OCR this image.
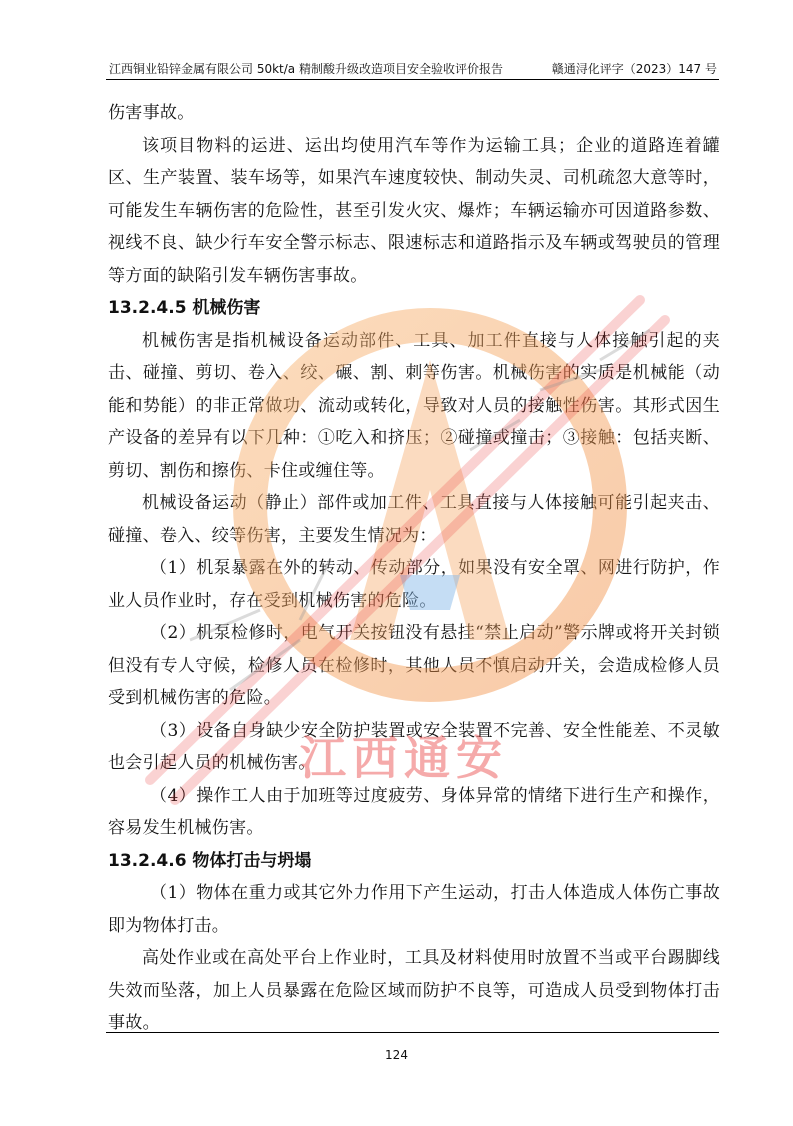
江西铜业铅锌金属有限公司 50kt/a 精制酸升级改造项目安全验收评价报告	赣通浔化评字（2023）147 号

伤害事故。

该项目物料的运进、运出均使用汽车等作为运输工具；企业的道路连着罐区、生产装置、装车场等，如果汽车速度较快、制动失灵、司机疏忽大意等时，可能发生车辆伤害的危险性，甚至引发火灾、爆炸；车辆运输亦可因道路参数、视线不良、缺少行车安全警示标志、限速标志和道路指示及车辆或驾驶员的管理等方面的缺陷引发车辆伤害事故。

13.2.4.5 机械伤害

机械伤害是指机械设备运动部件、工具、加工件直接与人体接触引起的夹击、碰撞、剪切、卷入、绞、碾、割、刺等伤害。机械伤害的实质是机械能（动能和势能）的非正常做功、流动或转化，导致对人员的接触性伤害。其形式因生产设备的差异有以下几种：①吃入和挤压；②碰撞或撞击；③接触：包括夹断、剪切、割伤和擦伤、卡住或缠住等。

机械设备运动（静止）部件或加工件、工具直接与人体接触可能引起夹击、碰撞、卷入、绞等伤害，主要发生情况为：

（1）机泵暴露在外的转动、传动部分，如果没有安全罩、网进行防护，作业人员作业时，存在受到机械伤害的危险。

（2）机泵检修时，电气开关按钮没有悬挂“禁止启动”警示牌或将开关封锁但没有专人守候，检修人员在检修时，其他人员不慎启动开关，会造成检修人员受到机械伤害的危险。

（3）设备自身缺少安全防护装置或安全装置不完善、安全性能差、不灵敏也会引起人员的机械伤害。

（4）操作工人由于加班等过度疲劳、身体异常的情绪下进行生产和操作，容易发生机械伤害。

13.2.4.6 物体打击与坍塌

（1）物体在重力或其它外力作用下产生运动，打击人体造成人体伤亡事故即为物体打击。

高处作业或在高处平台上作业时，工具及材料使用时放置不当或平台踢脚线失效而坠落，加上人员暴露在危险区域而防护不良等，可造成人员受到物体打击事故。

124
江西通安
